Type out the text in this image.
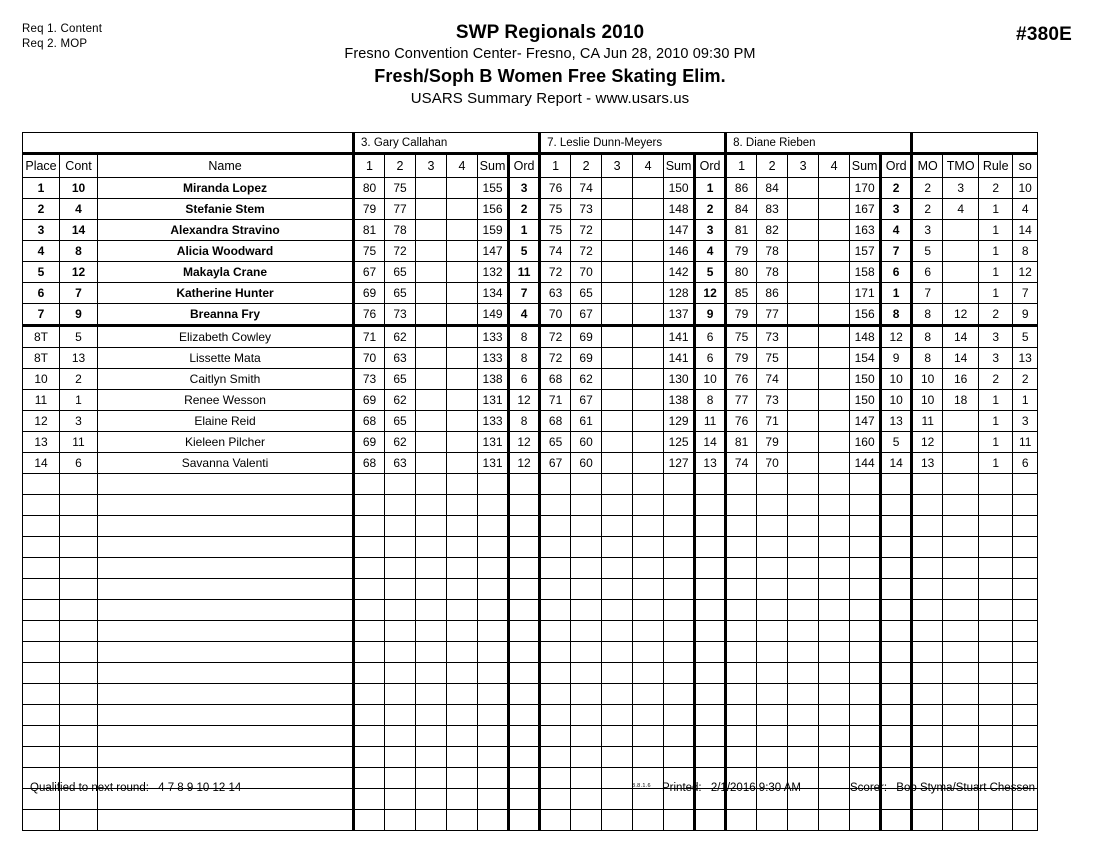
Req 1. Content
Req 2. MOP	#380E
SWP Regionals 2010
Fresno Convention Center- Fresno, CA Jun 28, 2010 09:30 PM
Fresh/Soph B Women Free Skating Elim.
USARS Summary Report - www.usars.us
			3. Gary Callahan						7. Leslie Dunn-Meyers						8. Diane Rieben									
Place	Cont	Name	1	2	3	4	Sum	Ord	1	2	3	4	Sum	Ord	1	2	3	4	Sum	Ord	MO	TMO	Rule	so
1	10	Miranda Lopez	80	75			155	3	76	74			150	1	86	84			170	2	2	3	2	10
2	4	Stefanie Stem	79	77			156	2	75	73			148	2	84	83			167	3	2	4	1	4
3	14	Alexandra Stravino	81	78			159	1	75	72			147	3	81	82			163	4	3		1	14
4	8	Alicia Woodward	75	72			147	5	74	72			146	4	79	78			157	7	5		1	8
5	12	Makayla Crane	67	65			132	11	72	70			142	5	80	78			158	6	6		1	12
6	7	Katherine Hunter	69	65			134	7	63	65			128	12	85	86			171	1	7		1	7
7	9	Breanna Fry	76	73			149	4	70	67			137	9	79	77			156	8	8	12	2	9
8T	5	Elizabeth Cowley	71	62			133	8	72	69			141	6	75	73			148	12	8	14	3	5
8T	13	Lissette Mata	70	63			133	8	72	69			141	6	79	75			154	9	8	14	3	13
10	2	Caitlyn Smith	73	65			138	6	68	62			130	10	76	74			150	10	10	16	2	2
11	1	Renee Wesson	69	62			131	12	71	67			138	8	77	73			150	10	10	18	1	1
12	3	Elaine Reid	68	65			133	8	68	61			129	11	76	71			147	13	11		1	3
13	11	Kieleen Pilcher	69	62			131	12	65	60			125	14	81	79			160	5	12		1	11
14	6	Savanna Valenti	68	63			131	12	67	60			127	13	74	70			144	14	13		1	6

Qualified to next round: 4 7 8 9 10 12 14	3.8.1.6 Printed: 2/1/2016 9:30 AM	Scorer: Bob Styma/Stuart Chessen
